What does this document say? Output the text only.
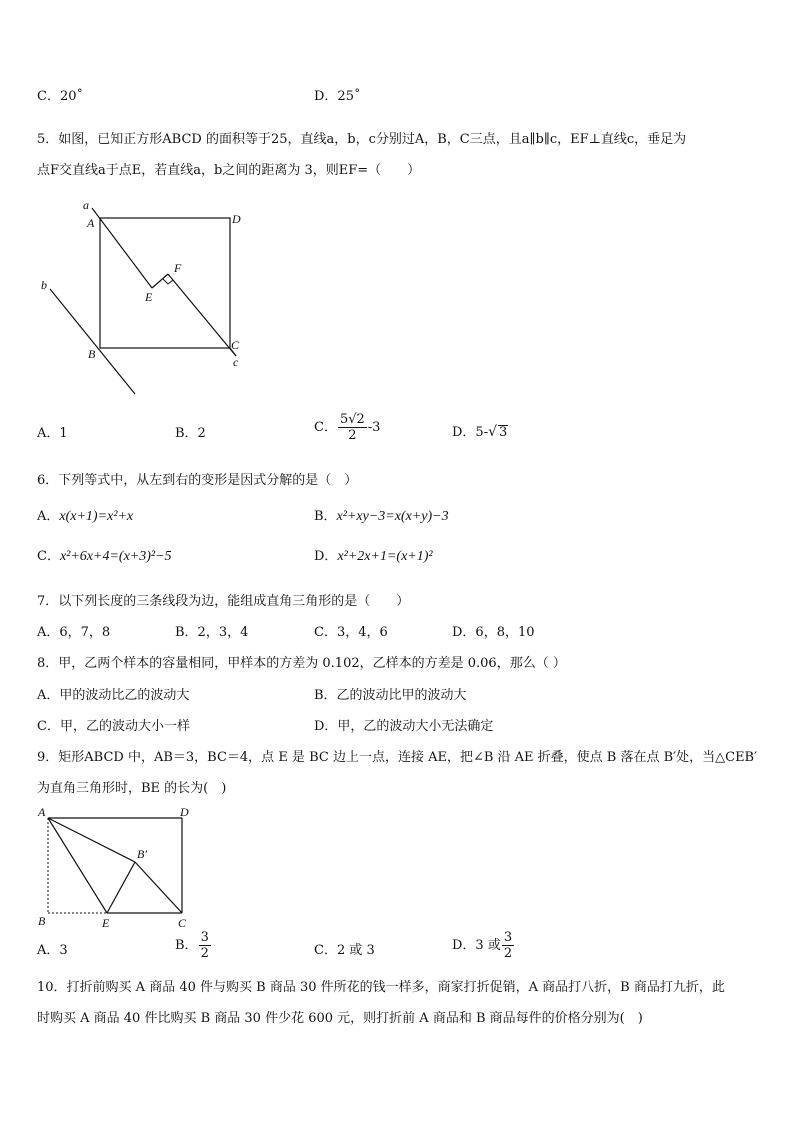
C．20˚	D．25˚
5．如图，已知正方形ABCD 的面积等于25，直线a，b，c分别过A，B，C三点，且a∥b∥c，EF⊥直线c，垂足为
点F交直线a于点E，若直线a，b之间的距离为 3，则EF=（　　）
a
A	D
F
E
b
B
C
c
A．1	B．2	C． $\frac{5√2}{2} -3$	D．5- √ 3
6．下列等式中，从左到右的变形是因式分解的是（　）
A．x(x+1)=x²+x	B．x²+xy−3=x(x+y)−3
C．x²+6x+4=(x+3)²−5	D．x²+2x+1=(x+1)²
7．以下列长度的三条线段为边，能组成直角三角形的是（　　）
A．6，7，8	B．2，3，4	C．3，4，6	D．6，8，10
8．甲，乙两个样本的容量相同，甲样本的方差为 0.102，乙样本的方差是 0.06，那么（ ）
A．甲的波动比乙的波动大	B．乙的波动比甲的波动大
C．甲，乙的波动大小一样	D．甲，乙的波动大小无法确定
9．矩形ABCD 中，AB＝3，BC＝4，点 E 是 BC 边上一点，连接 AE，把∠B 沿 AE 折叠，使点 B 落在点 B′处，当△CEB′
为直角三角形时，BE 的长为(　)
A	D
B′
B	E	C
A．3	B． $\frac{3}{2}$	C．2 或 3	D．3 或 $\frac{3}{2}$
10．打折前购买 A 商品 40 件与购买 B 商品 30 件所花的钱一样多，商家打折促销，A 商品打八折，B 商品打九折，此
时购买 A 商品 40 件比购买 B 商品 30 件少花 600 元，则打折前 A 商品和 B 商品每件的价格分别为(　)
